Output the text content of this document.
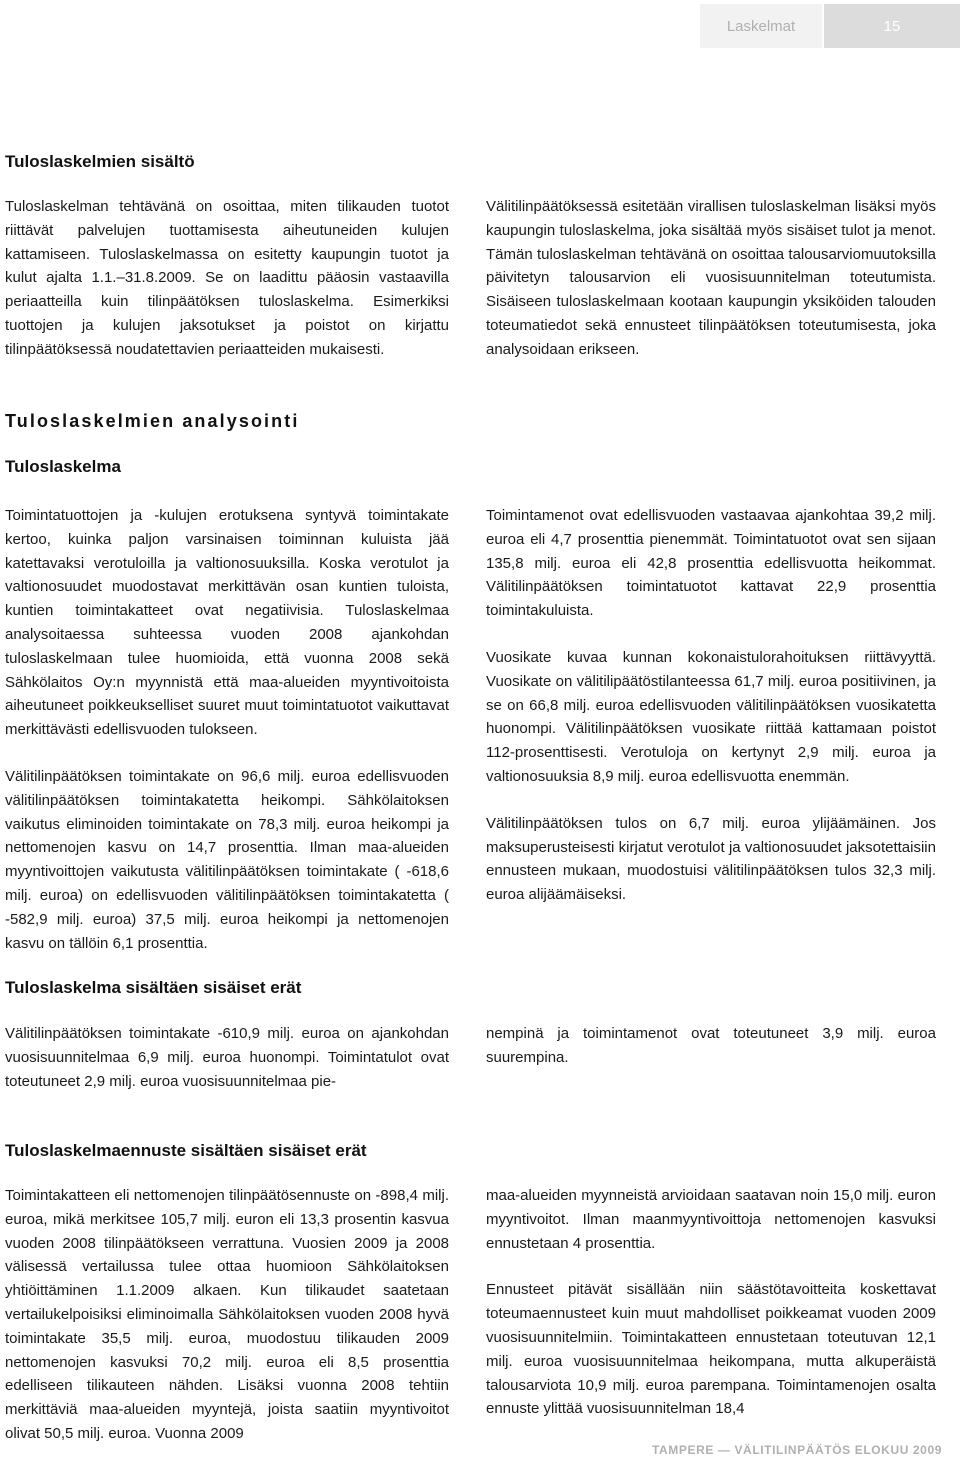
Laskelmat	15
Tuloslaskelmien sisältö

Tuloslaskelman tehtävänä on osoittaa, miten tilikauden tuotot riittävät palvelujen tuottamisesta aiheutuneiden kulujen kattamiseen. Tuloslaskelmassa on esitetty kaupungin tuotot ja kulut ajalta 1.1.–31.8.2009. Se on laadittu pääosin vastaavilla periaatteilla kuin tilinpäätöksen tuloslaskelma. Esimerkiksi tuottojen ja kulujen jaksotukset ja poistot on kirjattu tilinpäätöksessä noudatettavien periaatteiden mukaisesti.

Välitilinpäätöksessä esitetään virallisen tuloslaskelman lisäksi myös kaupungin tuloslaskelma, joka sisältää myös sisäiset tulot ja menot. Tämän tuloslaskelman tehtävänä on osoittaa talousarviomuutoksilla päivitetyn talousarvion eli vuosisuunnitelman toteutumista. Sisäiseen tuloslaskelmaan kootaan kaupungin yksiköiden talouden toteumatiedot sekä ennusteet tilinpäätöksen toteutumisesta, joka analysoidaan erikseen.

Tuloslaskelmien analysointi
Tuloslaskelma

Toimintatuottojen ja -kulujen erotuksena syntyvä toimintakate kertoo, kuinka paljon varsinaisen toiminnan kuluista jää katettavaksi verotuloilla ja valtionosuuksilla. Koska verotulot ja valtionosuudet muodostavat merkittävän osan kuntien tuloista, kuntien toimintakatteet ovat negatiivisia. Tuloslaskelmaa analysoitaessa suhteessa vuoden 2008 ajankohdan tuloslaskelmaan tulee huomioida, että vuonna 2008 sekä Sähkölaitos Oy:n myynnistä että maa-alueiden myyntivoitoista aiheutuneet poikkeukselliset suuret muut toimintatuotot vaikuttavat merkittävästi edellisvuoden tulokseen.

Välitilinpäätöksen toimintakate on 96,6 milj. euroa edellisvuoden välitilinpäätöksen toimintakatetta heikompi. Sähkölaitoksen vaikutus eliminoiden toimintakate on 78,3 milj. euroa heikompi ja nettomenojen kasvu on 14,7 prosenttia. Ilman maa-alueiden myyntivoittojen vaikutusta välitilinpäätöksen toimintakate ( -618,6 milj. euroa) on edellisvuoden välitilinpäätöksen toimintakatetta ( -582,9 milj. euroa) 37,5 milj. euroa heikompi ja nettomenojen kasvu on tällöin 6,1 prosenttia.

Toimintamenot ovat edellisvuoden vastaavaa ajankohtaa 39,2 milj. euroa eli 4,7 prosenttia pienemmät. Toimintatuotot ovat sen sijaan 135,8 milj. euroa eli 42,8 prosenttia edellisvuotta heikommat. Välitilinpäätöksen toimintatuotot kattavat 22,9 prosenttia toimintakuluista.

Vuosikate kuvaa kunnan kokonaistulorahoituksen riittävyyttä. Vuosikate on välitilipäätöstilanteessa 61,7 milj. euroa positiivinen, ja se on 66,8 milj. euroa edellisvuoden välitilinpäätöksen vuosikatetta huonompi. Välitilinpäätöksen vuosikate riittää kattamaan poistot 112-prosenttisesti. Verotuloja on kertynyt 2,9 milj. euroa ja valtionosuuksia 8,9 milj. euroa edellisvuotta enemmän.

Välitilinpäätöksen tulos on 6,7 milj. euroa ylijäämäinen. Jos maksuperusteisesti kirjatut verotulot ja valtionosuudet jaksotettaisiin ennusteen mukaan, muodostuisi välitilinpäätöksen tulos 32,3 milj. euroa alijäämäiseksi.

Tuloslaskelma sisältäen sisäiset erät

Välitilinpäätöksen toimintakate -610,9 milj. euroa on ajankohdan vuosisuunnitelmaa 6,9 milj. euroa huonompi. Toimintatulot ovat toteutuneet 2,9 milj. euroa vuosisuunnitelmaa pie-

nempinä ja toimintamenot ovat toteutuneet 3,9 milj. euroa suurempina.

Tuloslaskelmaennuste sisältäen sisäiset erät

Toimintakatteen eli nettomenojen tilinpäätösennuste on -898,4 milj. euroa, mikä merkitsee 105,7 milj. euron eli 13,3 prosentin kasvua vuoden 2008 tilinpäätökseen verrattuna. Vuosien 2009 ja 2008 välisessä vertailussa tulee ottaa huomioon Sähkölaitoksen yhtiöittäminen 1.1.2009 alkaen. Kun tilikaudet saatetaan vertailukelpoisiksi eliminoimalla Sähkölaitoksen vuoden 2008 hyvä toimintakate 35,5 milj. euroa, muodostuu tilikauden 2009 nettomenojen kasvuksi 70,2 milj. euroa eli 8,5 prosenttia edelliseen tilikauteen nähden. Lisäksi vuonna 2008 tehtiin merkittäviä maa-alueiden myyntejä, joista saatiin myyntivoitot olivat 50,5 milj. euroa. Vuonna 2009

maa-alueiden myynneistä arvioidaan saatavan noin 15,0 milj. euron myyntivoitot. Ilman maanmyyntivoittoja nettomenojen kasvuksi ennustetaan 4 prosenttia.

Ennusteet pitävät sisällään niin säästötavoitteita koskettavat toteumaennusteet kuin muut mahdolliset poikkeamat vuoden 2009 vuosisuunnitelmiin. Toimintakatteen ennustetaan toteutuvan 12,1 milj. euroa vuosisuunnitelmaa heikompana, mutta alkuperäistä talousarviota 10,9 milj. euroa parempana. Toimintamenojen osalta ennuste ylittää vuosisuunnitelman 18,4

TAMPERE — VÄLITILINPÄÄTÖS ELOKUU 2009
